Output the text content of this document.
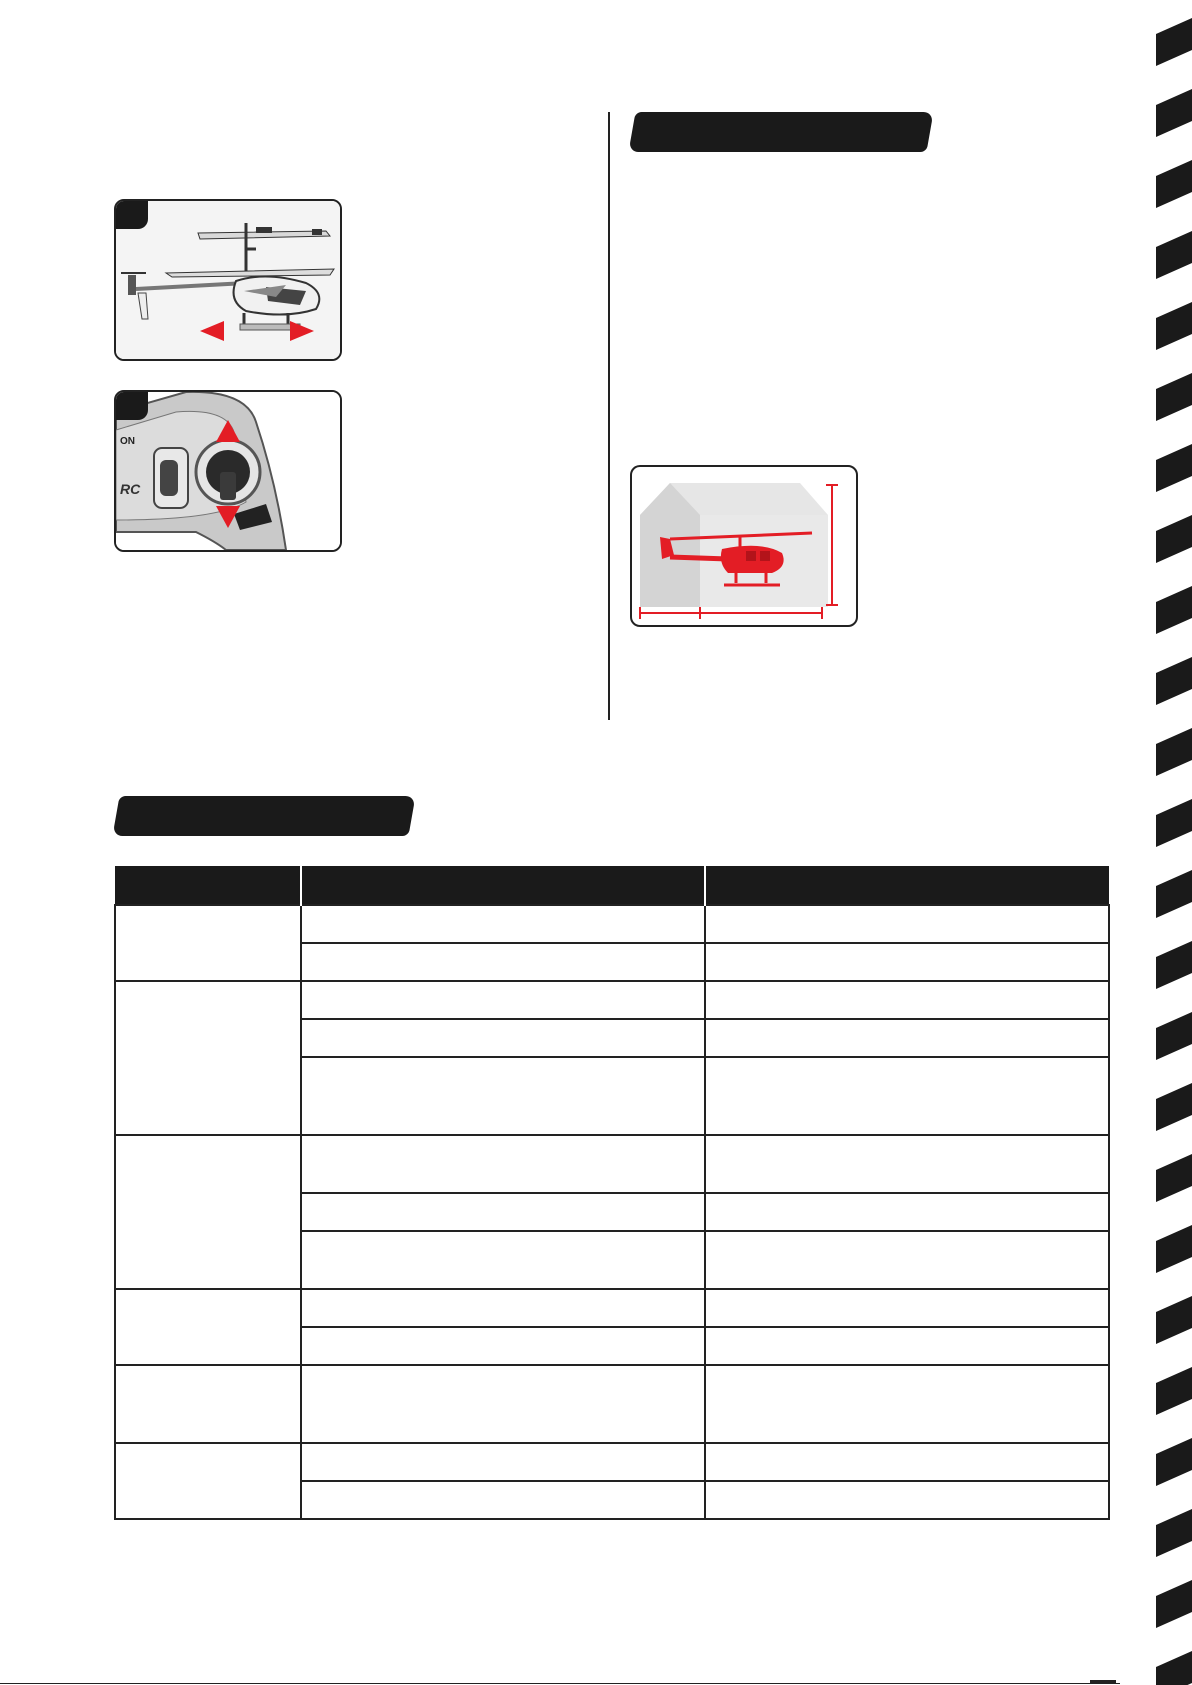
ON
RC
